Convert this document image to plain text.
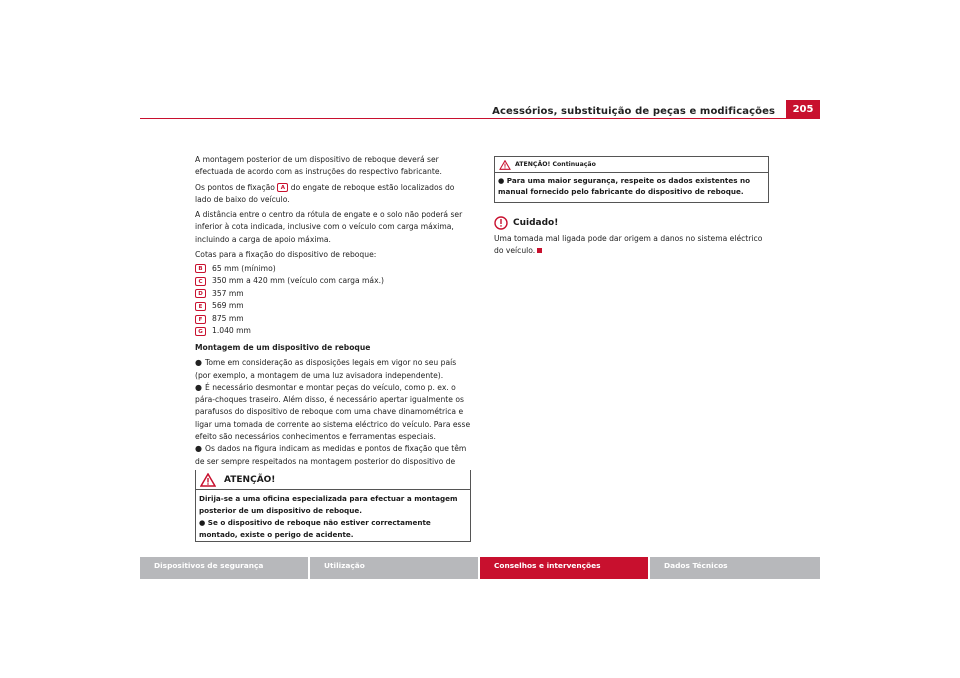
Acessórios, substituição de peças e modificações	205

A montagem posterior de um dispositivo de reboque deverá ser efectuada de acordo com as instruções do respectivo fabricante.

Os pontos de fixação A do engate de reboque estão localizados do lado de baixo do veículo.

A distância entre o centro da rótula de engate e o solo não poderá ser inferior à cota indicada, inclusive com o veículo com carga máxima, incluindo a carga de apoio máxima.

Cotas para a fixação do dispositivo de reboque:

B	65 mm (mínimo)
C	350 mm a 420 mm (veículo com carga máx.)
D	357 mm
E	569 mm
F	875 mm
G	1.040 mm

Montagem de um dispositivo de reboque

● Tome em consideração as disposições legais em vigor no seu país (por exemplo, a montagem de uma luz avisadora independente).

● É necessário desmontar e montar peças do veículo, como p. ex. o pára-choques traseiro. Além disso, é necessário apertar igualmente os parafusos do dispositivo de reboque com uma chave dinamométrica e ligar uma tomada de corrente ao sistema eléctrico do veículo. Para esse efeito são necessários conhecimentos e ferramentas especiais.

● Os dados na figura indicam as medidas e pontos de fixação que têm de ser sempre respeitados na montagem posterior do dispositivo de

ATENÇÃO!

Dirija-se a uma oficina especializada para efectuar a montagem posterior de um dispositivo de reboque.

● Se o dispositivo de reboque não estiver correctamente montado, existe o perigo de acidente.

ATENÇÃO! Continuação

● Para uma maior segurança, respeite os dados existentes no manual fornecido pelo fabricante do dispositivo de reboque.

Cuidado!
Uma tomada mal ligada pode dar origem a danos no sistema eléctrico do veículo.
Dispositivos de segurança	Utilização	Conselhos e intervenções	Dados Técnicos
